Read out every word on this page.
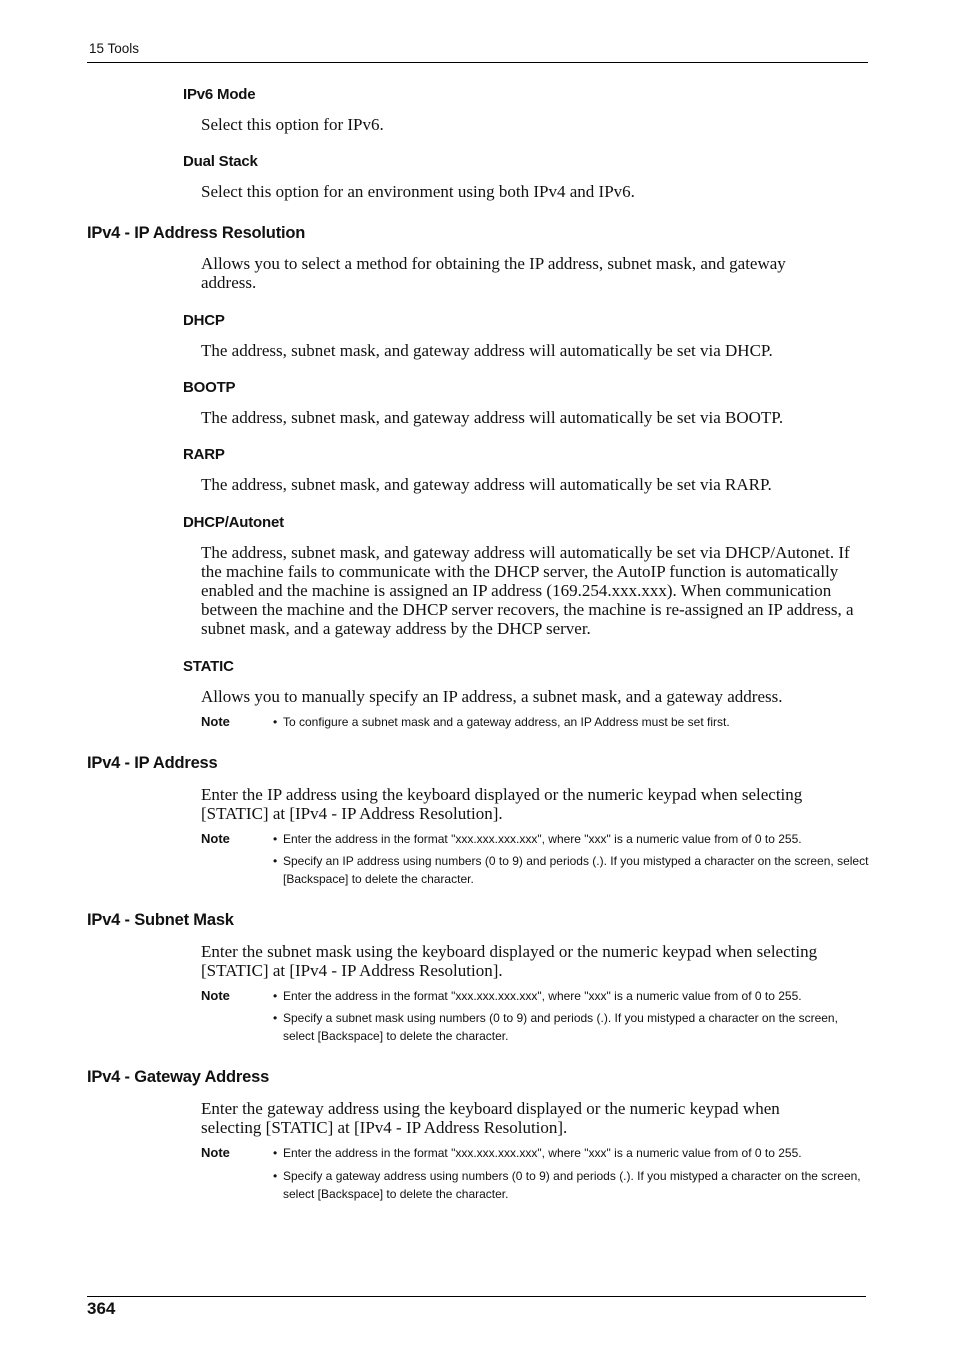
15 Tools
IPv6 Mode
Select this option for IPv6.
Dual Stack
Select this option for an environment using both IPv4 and IPv6.
IPv4 - IP Address Resolution
Allows you to select a method for obtaining the IP address, subnet mask, and gateway address.
DHCP
The address, subnet mask, and gateway address will automatically be set via DHCP.
BOOTP
The address, subnet mask, and gateway address will automatically be set via BOOTP.
RARP
The address, subnet mask, and gateway address will automatically be set via RARP.
DHCP/Autonet
The address, subnet mask, and gateway address will automatically be set via DHCP/Autonet. If the machine fails to communicate with the DHCP server, the AutoIP function is automatically enabled and the machine is assigned an IP address (169.254.xxx.xxx). When communication between the machine and the DHCP server recovers, the machine is re-assigned an IP address, a subnet mask, and a gateway address by the DHCP server.
STATIC
Allows you to manually specify an IP address, a subnet mask, and a gateway address.
Note	• To configure a subnet mask and a gateway address, an IP Address must be set first.
IPv4 - IP Address
Enter the IP address using the keyboard displayed or the numeric keypad when selecting [STATIC] at [IPv4 - IP Address Resolution].
Note	• Enter the address in the format "xxx.xxx.xxx.xxx", where "xxx" is a numeric value from of 0 to 255.
• Specify an IP address using numbers (0 to 9) and periods (.). If you mistyped a character on the screen, select [Backspace] to delete the character.
IPv4 - Subnet Mask
Enter the subnet mask using the keyboard displayed or the numeric keypad when selecting [STATIC] at [IPv4 - IP Address Resolution].
Note	• Enter the address in the format "xxx.xxx.xxx.xxx", where "xxx" is a numeric value from of 0 to 255.
• Specify a subnet mask using numbers (0 to 9) and periods (.). If you mistyped a character on the screen, select [Backspace] to delete the character.
IPv4 - Gateway Address
Enter the gateway address using the keyboard displayed or the numeric keypad when selecting [STATIC] at [IPv4 - IP Address Resolution].
Note	• Enter the address in the format "xxx.xxx.xxx.xxx", where "xxx" is a numeric value from of 0 to 255.
• Specify a gateway address using numbers (0 to 9) and periods (.). If you mistyped a character on the screen, select [Backspace] to delete the character.
364
